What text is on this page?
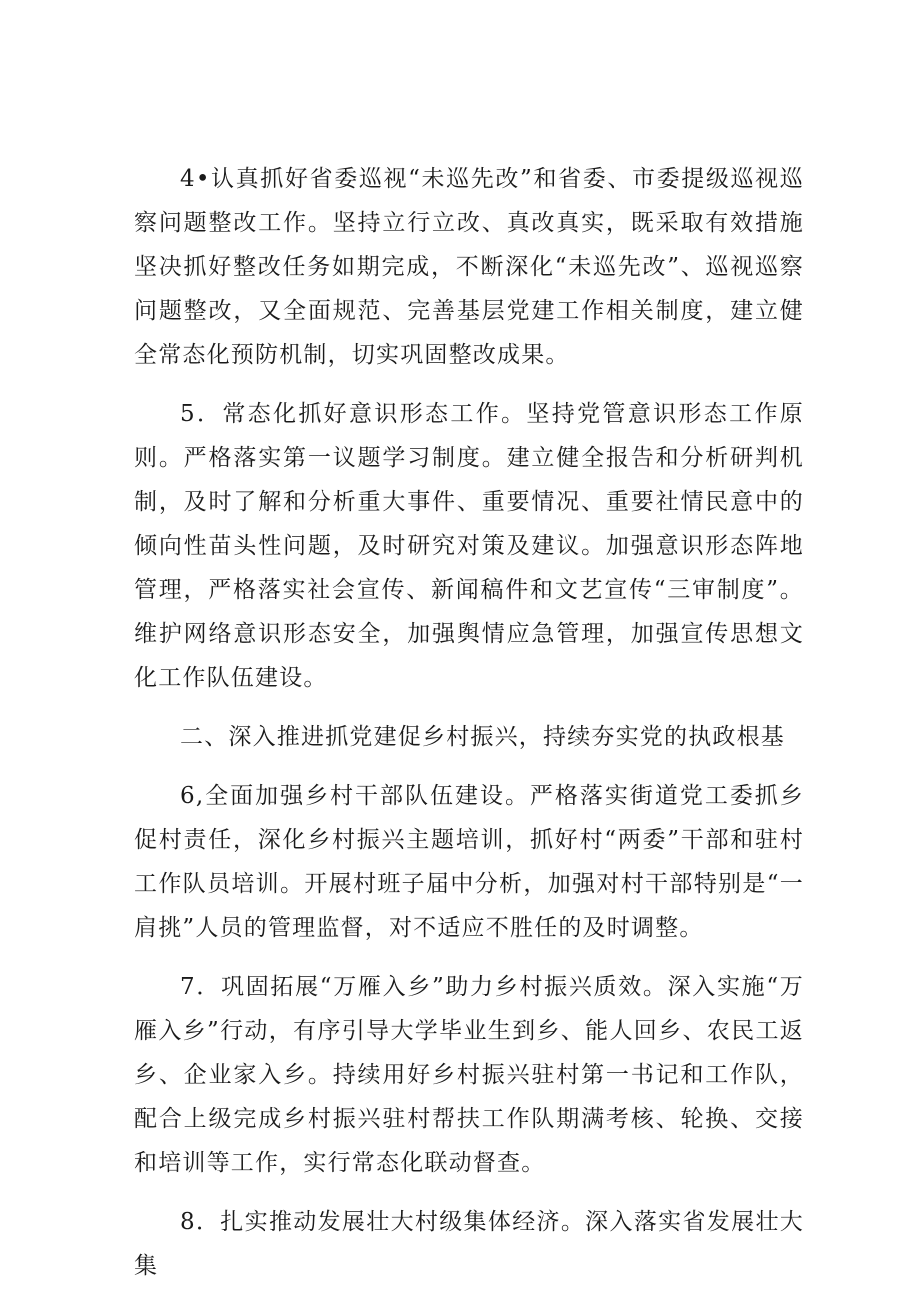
4•认真抓好省委巡视“未巡先改”和省委、市委提级巡视巡察问题整改工作。坚持立行立改、真改真实，既采取有效措施坚决抓好整改任务如期完成，不断深化“未巡先改”、巡视巡察问题整改，又全面规范、完善基层党建工作相关制度，建立健全常态化预防机制，切实巩固整改成果。

5．常态化抓好意识形态工作。坚持党管意识形态工作原则。严格落实第一议题学习制度。建立健全报告和分析研判机制，及时了解和分析重大事件、重要情况、重要社情民意中的倾向性苗头性问题，及时研究对策及建议。加强意识形态阵地管理，严格落实社会宣传、新闻稿件和文艺宣传“三审制度”。维护网络意识形态安全，加强舆情应急管理，加强宣传思想文化工作队伍建设。

二、深入推进抓党建促乡村振兴，持续夯实党的执政根基

6,全面加强乡村干部队伍建设。严格落实街道党工委抓乡促村责任，深化乡村振兴主题培训，抓好村“两委”干部和驻村工作队员培训。开展村班子届中分析，加强对村干部特别是“一肩挑”人员的管理监督，对不适应不胜任的及时调整。

7．巩固拓展“万雁入乡”助力乡村振兴质效。深入实施“万雁入乡”行动，有序引导大学毕业生到乡、能人回乡、农民工返乡、企业家入乡。持续用好乡村振兴驻村第一书记和工作队，配合上级完成乡村振兴驻村帮扶工作队期满考核、轮换、交接和培训等工作，实行常态化联动督查。

8．扎实推动发展壮大村级集体经济。深入落实省发展壮大集
